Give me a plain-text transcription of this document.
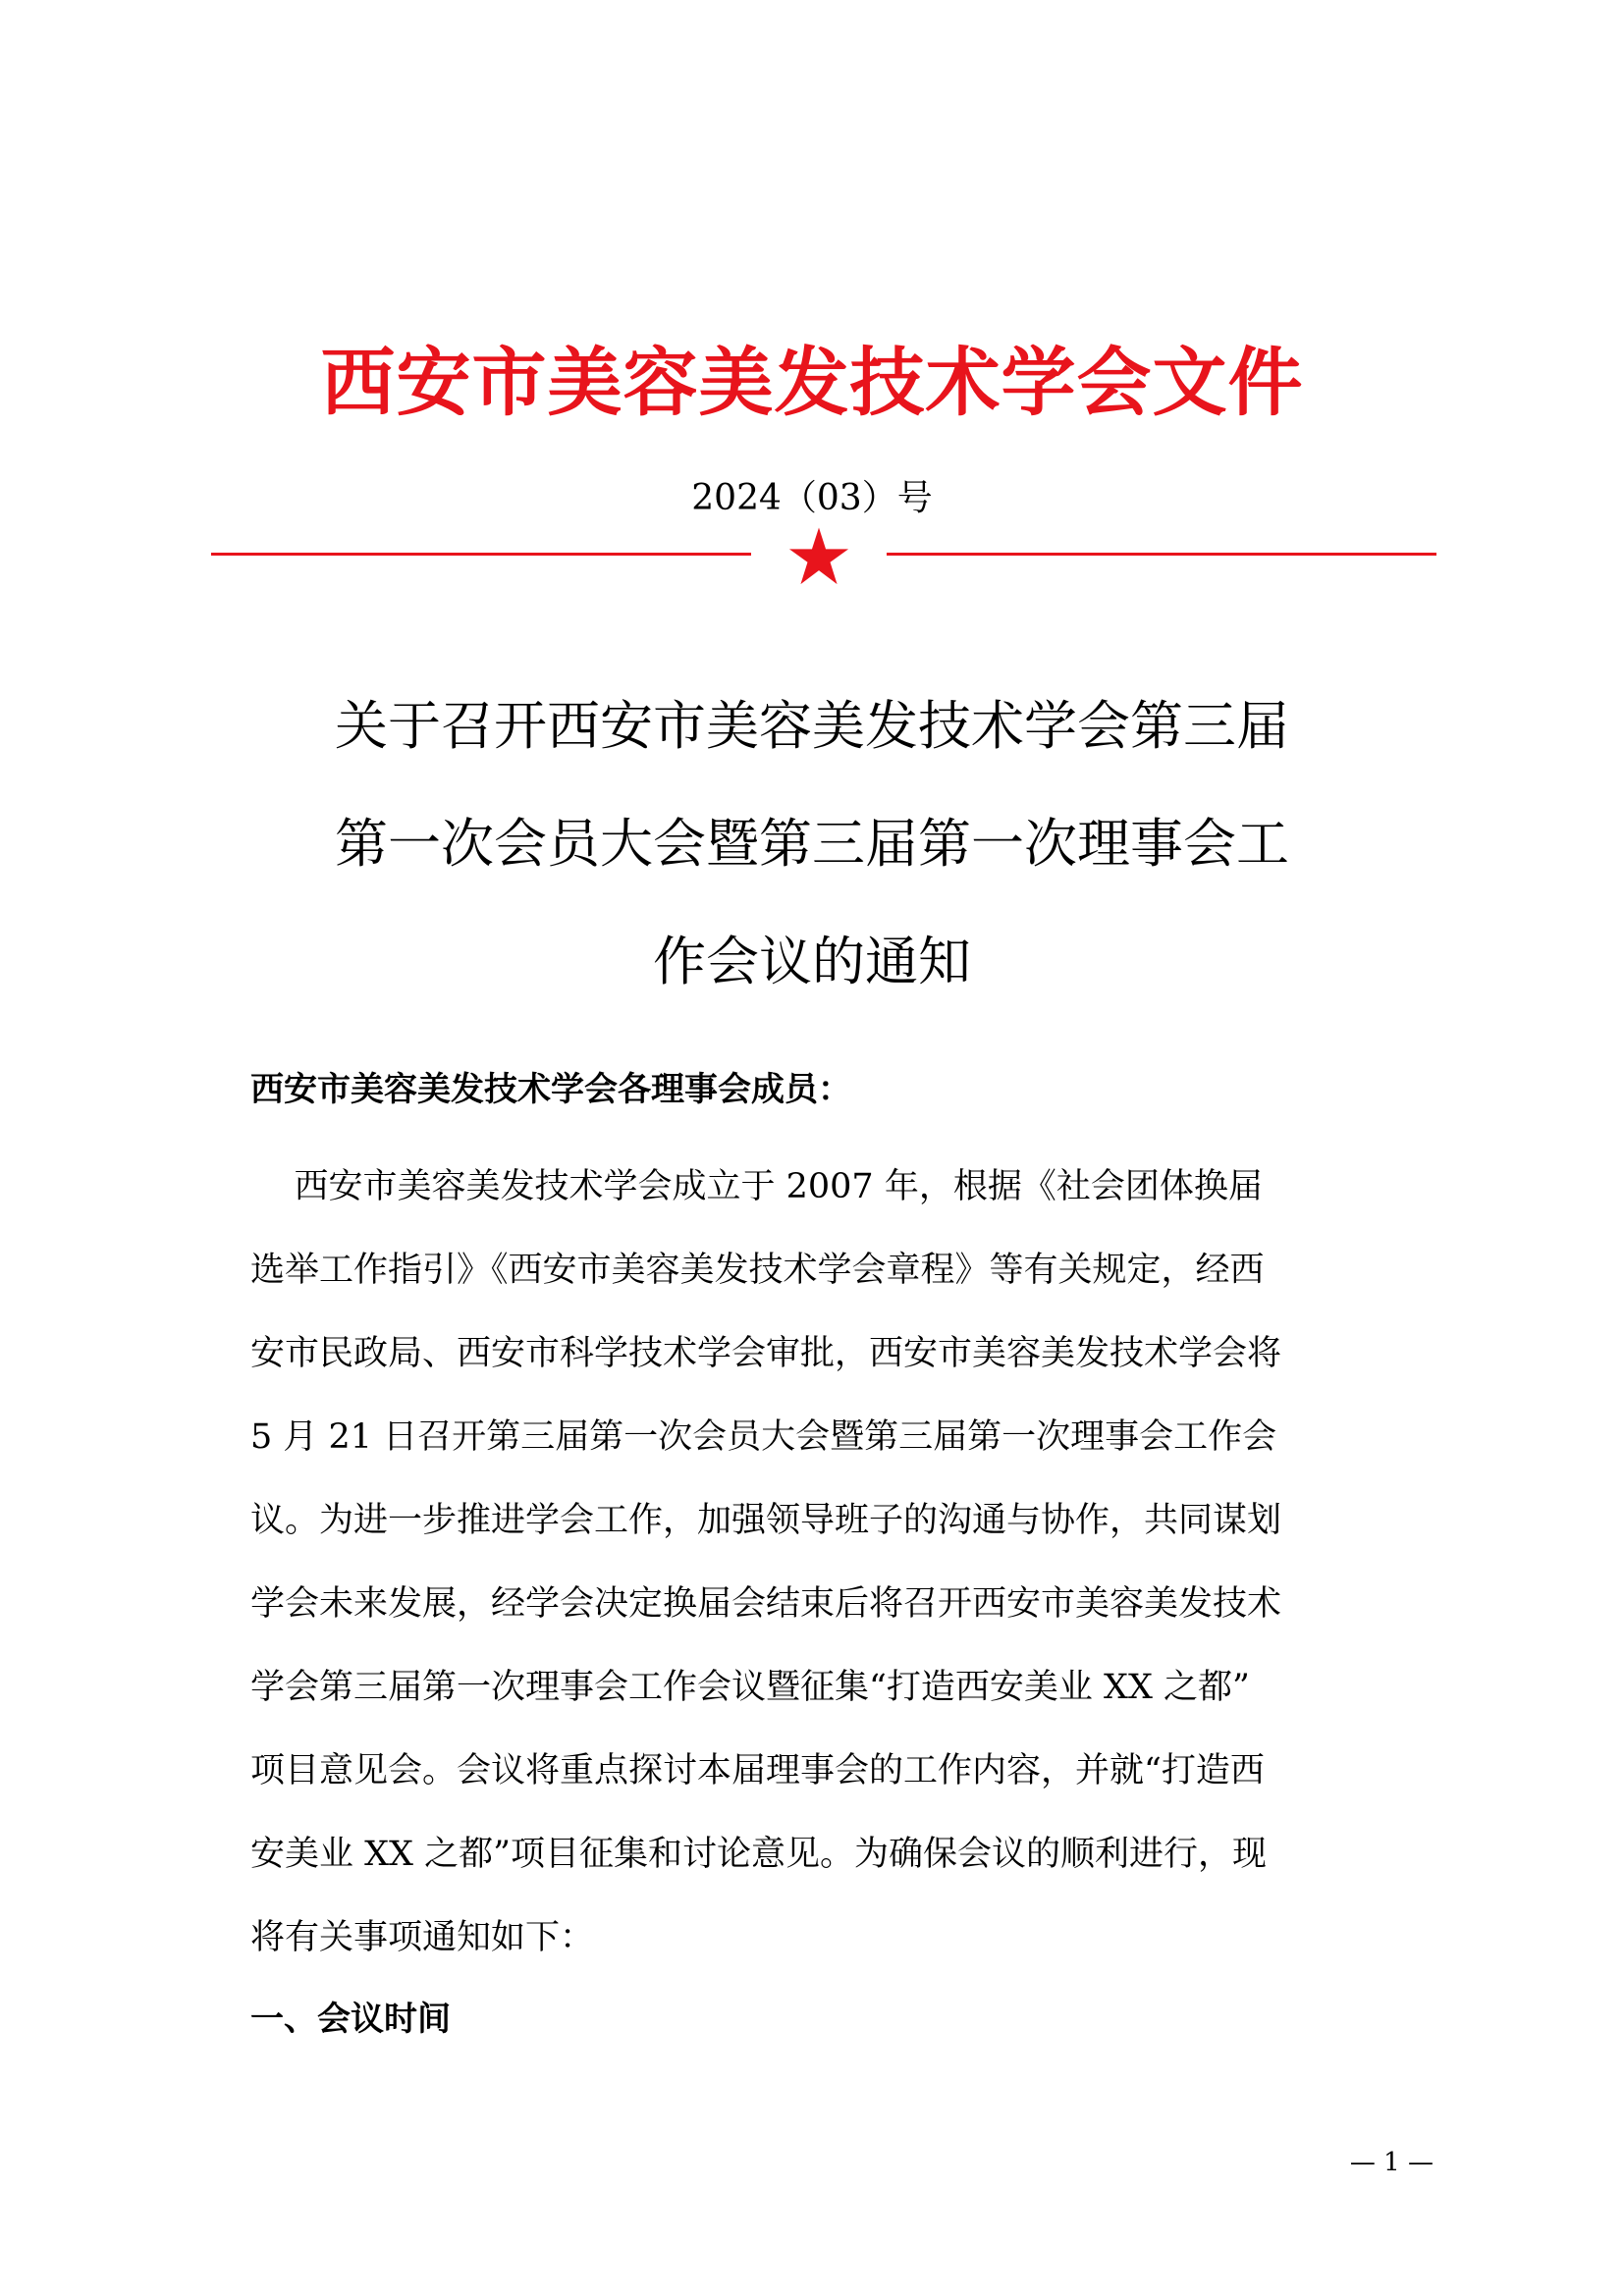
西安市美容美发技术学会文件
2024（03）号
关于召开西安市美容美发技术学会第三届
第一次会员大会暨第三届第一次理事会工
作会议的通知
西安市美容美发技术学会各理事会成员：
西安市美容美发技术学会成立于 2007 年，根据《社会团体换届
选举工作指引》《西安市美容美发技术学会章程》等有关规定，经西
安市民政局、西安市科学技术学会审批，西安市美容美发技术学会将
5 月 21 日召开第三届第一次会员大会暨第三届第一次理事会工作会
议。为进一步推进学会工作，加强领导班子的沟通与协作，共同谋划
学会未来发展，经学会决定换届会结束后将召开西安市美容美发技术
学会第三届第一次理事会工作会议暨征集“打造西安美业 XX 之都”
项目意见会。会议将重点探讨本届理事会的工作内容，并就“打造西
安美业 XX 之都”项目征集和讨论意见。为确保会议的顺利进行，现
将有关事项通知如下：
一、会议时间
— 1 —
